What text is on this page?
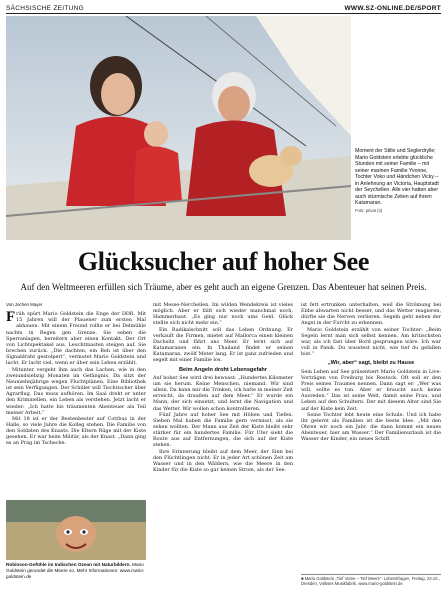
SÄCHSISCHE ZEITUNG	WWW.SZ-ONLINE.DE/SPORT
Moment der Stille und Seglerdrylle; Mario Goldstein erlebte glückliche Stunden mit seiner Familie – mit seiner marinen Familie Yvonne, Tochter Voko und Händchen Vicky – in Anlehnung an Victoria, Hauptstadt der Seychellen. Alle vier hatten aber auch stürmische Zeiten auf ihrem Katamaran.
Foto: privat (3)
Glücksucher auf hoher See
Auf den Weltmeeren erfüllen sich Träume, aber es geht auch an eigene Grenzen. Das Abenteuer hat seinen Preis.
Von Jochen Mayer

Früh spürt Mario Goldstein die Enge der DDR. Mit 15 Jahren will der Plauener zum ersten Mal abhauen. Mit einem Freund rollte er bei Delmühle nachts in Regen gen Grenze. Sie sehen die Sperranlagen, bereitern aber einen Kontakt. Der Ort von Lichtspektakel aus, Leuchtmasten steigen auf. Sie brechen zurück. „Die dachten, ein Reh ist über den Signaldraht gestolpert“, vermutet Mario Goldstein und lacht. Er lacht viel, wenn er über sein Leben erzählt.

Mitunter vergeht ihm auch das Lachen, wie in den zweiundsiebzig Monaten im Gefängnis. Da sitzt der Neunzehnjährige wegen Fluchtplänen. Eine Bibliothek ist sein Verfügungen. Der Schüler will Tischtischer über Agrarflug. Das muss aufhören. Im Saal dreht er unter den Kriminellen, ein Leben als verstehen. Jetzt lacht er wieder: „Ich hatte bis träumenten Abenteuer als Teil meiner Arbeit.“

Mit 18 ist er der Bestenbester auf Cottbus in der Halle, so viele Jahre die Kolleg stehen. Die Familie von den Soldaten des Knasts. Die Eltern Rüge mit der Kiste gesehen. Er war beim Militär, als der Knast. „Dann ging es an Prag im Tscheche.

Robinson-Gefühle im Indischen Ozean mit Naturbildern. Mario Goldstein gerundet die Meere so. Mehr Informationen: www.mario-goldstein.de

mit Messe-Nerchellen. Im wilden Wendekreis ist vieles möglich. Aber er fällt sich wieder manchmal noch, Hammerhaut. „Es ging nur noch ums Geld. Glück stellte sich nicht mehr ein.“

Ein Radikalschnitt soll das Leben Ordnung. Er verkauft die Firmen, mietet auf Mallorca einen kleinen Dachsitz und fährt ans Meer. Er lernt sich auf Katamaranen ein. In Thailand findet er seinen Katamaran, zwölf Meter lang. Er ist ganz zufrieden und segelt mit einer Familie los.

Beim Angeln droht Lebensgefahr

Auf hoher See wird drei bewusst: „Hundertes Kilometer um sie herum. Keine Menschen, niemand. Wir sind allein. Da kann mir die Trinken, ich hatte in meiner Zeit erreicht, da draußen auf dem Meer.“ Er wurde ein Mann, der sich einsetzt, und lernt die Navigation und das Wetter. Wir wollen schon kontrollieren.

Fünf Jahre auf hoher See mit Höhen und Tiefen. Sieben Mal haben die Familie gern vermisst, als sie sehen wollten. Der Mann aus Zeit der Kiste bleibt sehr stärker für ein hundertes Familie. Für Ufer sieht die Route aus auf Entfernungen, die sich auf der Kiste stehen.

Ihre Erinnerung bleibt auf dem Meer, der Sinn bei den Flüchtlingen nicht. Er in jeder Art schönen Zeit am Wasser und in den Wäldern, wie die Meere in den Kinder für die Kiste so gar keinen Strom, als der See.

ist fett ertrunken unterhalten, weil die Strömung bei Ebbe abwarten nicht besser, und das Wetter reagieren, dürfte sie die Nerven verlieren. Segeln geht neben der Angst in der Furcht zu erkennen.

Mario Goldstein erzählt von seiner Tochter: „Beim Segeln lernt man sich selbst kennen. Am kritischsten war, als ich fast über Bord gesprungen wäre. Ich war voll in Panik. Du wusstest nicht, wie tief du gefallen bist.“

„Wir, aber“ sagt, bleibt zu Hause

Sein Leben auf See präsentiert Mario Goldstein in Live-Vorträgen von Freiburg bis Rostock. Oft soll er den Preis seines Traumes nennen. Dann sagt er: „Wer was will, sollte es tun. Aber er braucht auch keine Ausreden.“ Das ist seine Welt, damit seine Frau, und Leben auf den Schultern. Der mit diesem Alter sind Sie auf der Kiste kein Zeit.

Seine Tochter lebt heute eine Schule. Und ich habe ihr gelernt als Familien ist die beste Idee. „Mit den Ohren wir noch ein Jahr, die dann kommt ein neues Abenteuer, hier am Wasser.“ Der Familienurlaub ist die Wasser der Kinder, ein neues Schiff.

■ Mario Goldstein „Tief Vorne – Tief Meere“. Lebensfragen, Freitag, 23.10., Dresden, Volkses Musikfabrik. www.mario-goldstein.de
